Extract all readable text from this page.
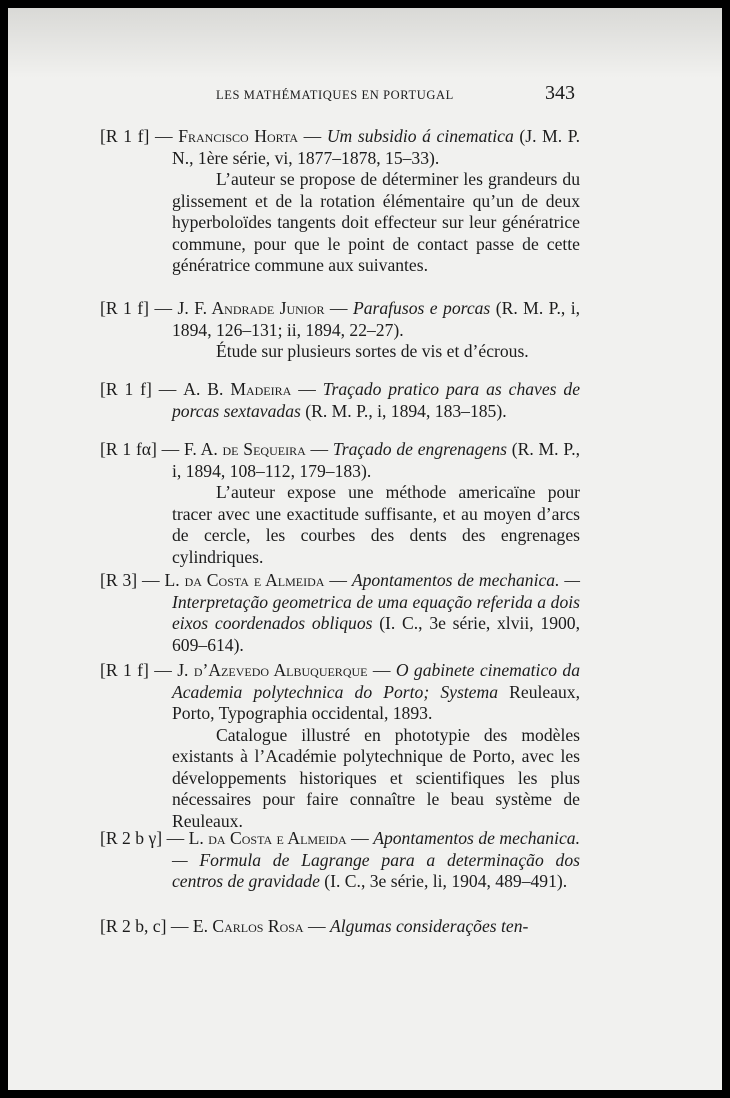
LES MATHÉMATIQUES EN PORTUGAL	343
[R 1 f] — Francisco Horta — Um subsidio á cinematica (J. M. P. N., 1ère série, vi, 1877–1878, 15–33).
L’auteur se propose de déterminer les grandeurs du glissement et de la rotation élémentaire qu’un de deux hyperboloïdes tangents doit effecteur sur leur génératrice commune, pour que le point de contact passe de cette génératrice commune aux suivantes.
[R 1 f] — J. F. Andrade Junior — Parafusos e porcas (R. M. P., i, 1894, 126–131; ii, 1894, 22–27).
Étude sur plusieurs sortes de vis et d’écrous.
[R 1 f] — A. B. Madeira — Traçado pratico para as chaves de porcas sextavadas (R. M. P., i, 1894, 183–185).
[R 1 fα] — F. A. de Sequeira — Traçado de engrenagens (R. M. P., i, 1894, 108–112, 179–183).
L’auteur expose une méthode americaïne pour tracer avec une exactitude suffisante, et au moyen d’arcs de cercle, les courbes des dents des engrenages cylindriques.
[R 3] — L. da Costa e Almeida — Apontamentos de mechanica. — Interpretação geometrica de uma equação referida a dois eixos coordenados obliquos (I. C., 3e série, xlvii, 1900, 609–614).
[R 1 f] — J. d’Azevedo Albuquerque — O gabinete cinematico da Academia polytechnica do Porto; Systema Reuleaux, Porto, Typographia occidental, 1893.
Catalogue illustré en phototypie des modèles existants à l’Académie polytechnique de Porto, avec les développements historiques et scientifiques les plus nécessaires pour faire connaître le beau système de Reuleaux.
[R 2 b γ] — L. da Costa e Almeida — Apontamentos de mechanica. — Formula de Lagrange para a determinação dos centros de gravidade (I. C., 3e série, li, 1904, 489–491).
[R 2 b, c] — E. Carlos Rosa — Algumas considerações ten-
